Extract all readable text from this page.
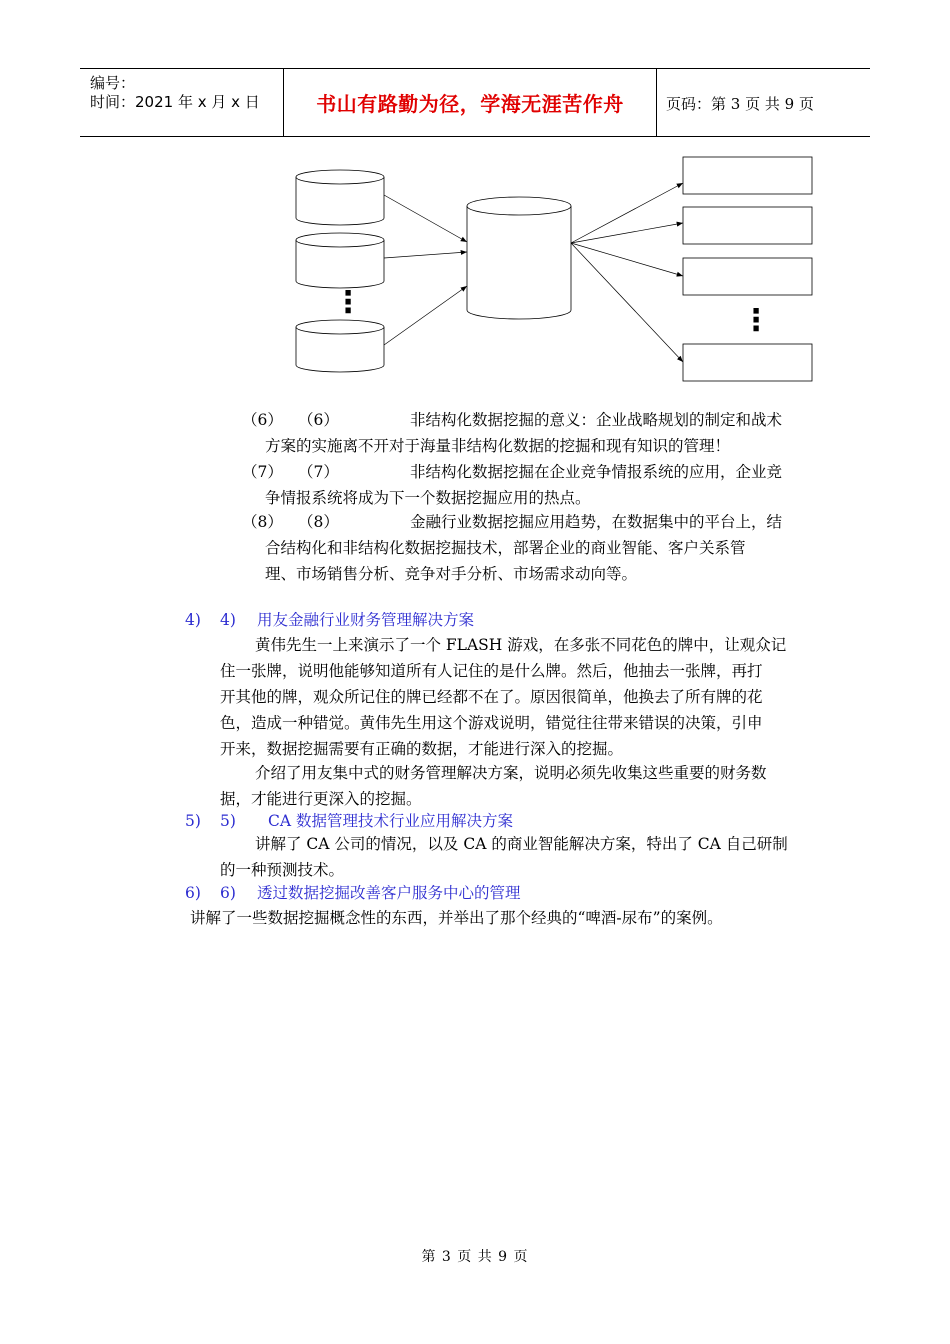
编号：
时间：2021 年 x 月 x 日	书山有路勤为径，学海无涯苦作舟	页码：第 3 页 共 9 页
⋮
⋮
（6） （6）	非结构化数据挖掘的意义：企业战略规划的制定和战术
方案的实施离不开对于海量非结构化数据的挖掘和现有知识的管理！
（7） （7）	非结构化数据挖掘在企业竞争情报系统的应用，企业竞
争情报系统将成为下一个数据挖掘应用的热点。
（8） （8）	金融行业数据挖掘应用趋势，在数据集中的平台上，结
合结构化和非结构化数据挖掘技术，部署企业的商业智能、客户关系管
理、市场销售分析、竞争对手分析、市场需求动向等。
4) 4) 用友金融行业财务管理解决方案
黄伟先生一上来演示了一个 FLASH 游戏，在多张不同花色的牌中，让观众记
住一张牌，说明他能够知道所有人记住的是什么牌。然后，他抽去一张牌，再打
开其他的牌，观众所记住的牌已经都不在了。原因很简单，他换去了所有牌的花
色，造成一种错觉。黄伟先生用这个游戏说明，错觉往往带来错误的决策，引申
开来，数据挖掘需要有正确的数据，才能进行深入的挖掘。
介绍了用友集中式的财务管理解决方案，说明必须先收集这些重要的财务数
据，才能进行更深入的挖掘。
5) 5) CA 数据管理技术行业应用解决方案
讲解了 CA 公司的情况，以及 CA 的商业智能解决方案，特出了 CA 自己研制
的一种预测技术。
6) 6) 透过数据挖掘改善客户服务中心的管理
讲解了一些数据挖掘概念性的东西，并举出了那个经典的“啤酒-尿布”的案例。
第 3 页 共 9 页
